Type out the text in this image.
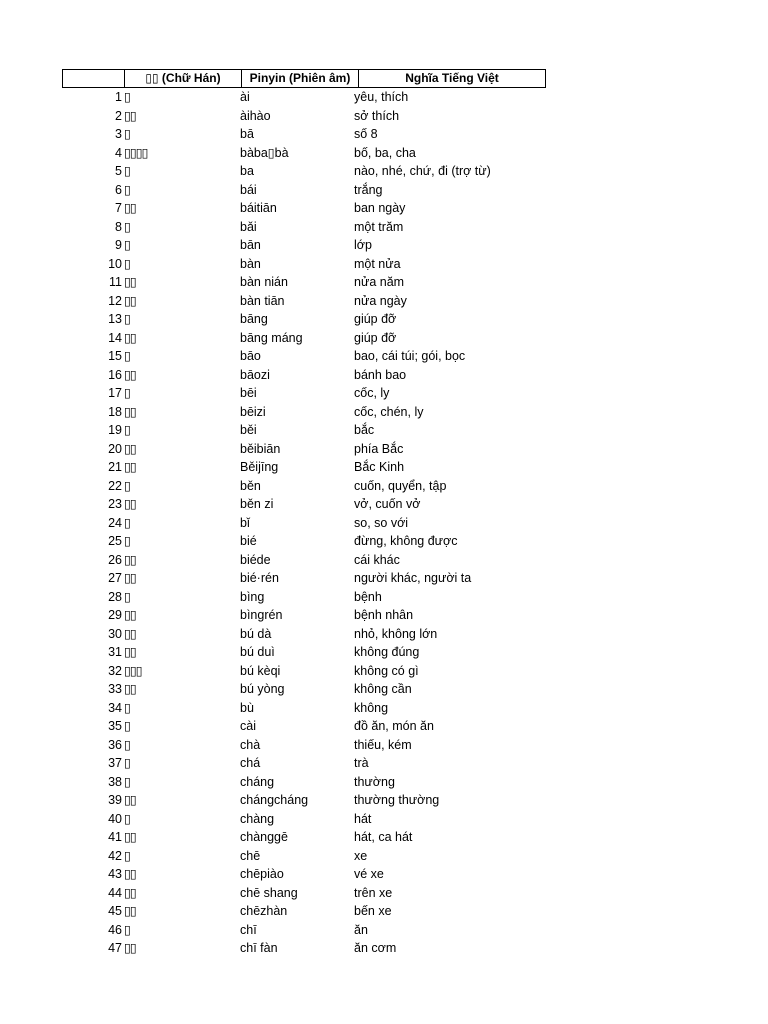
▯▯ (Chữ Hán)	Pinyin (Phiên âm)	Nghĩa Tiếng Việt
1 ▯	ài	yêu, thích
2 ▯▯	àihào	sở thích
3 ▯	bā	số 8
4 ▯▯▯▯	bàba▯bà	bố, ba, cha
5 ▯	ba	nào, nhé, chứ, đi (trợ từ)
6 ▯	bái	trắng
7 ▯▯	báitiān	ban ngày
8 ▯	bǎi	một trăm
9 ▯	bān	lớp
10 ▯	bàn	một nửa
11 ▯▯	bàn nián	nửa năm
12 ▯▯	bàn tiān	nửa ngày
13 ▯	bāng	giúp đỡ
14 ▯▯	bāng máng	giúp đỡ
15 ▯	bāo	bao, cái túi; gói, bọc
16 ▯▯	bāozi	bánh bao
17 ▯	bēi	cốc, ly
18 ▯▯	bēizi	cốc, chén, ly
19 ▯	běi	bắc
20 ▯▯	běibiān	phía Bắc
21 ▯▯	Běijīng	Bắc Kinh
22 ▯	běn	cuốn, quyển, tập
23 ▯▯	běn zi	vở, cuốn vở
24 ▯	bǐ	so, so với
25 ▯	bié	đừng, không được
26 ▯▯	biéde	cái khác
27 ▯▯	bié·rén	người khác, người ta
28 ▯	bìng	bệnh
29 ▯▯	bìngrén	bệnh nhân
30 ▯▯	bú dà	nhỏ, không lớn
31 ▯▯	bú duì	không đúng
32 ▯▯▯	bú kèqi	không có gì
33 ▯▯	bú yòng	không cần
34 ▯	bù	không
35 ▯	cài	đồ ăn, món ăn
36 ▯	chà	thiếu, kém
37 ▯	chá	trà
38 ▯	cháng	thường
39 ▯▯	chángcháng	thường thường
40 ▯	chàng	hát
41 ▯▯	chànggē	hát, ca hát
42 ▯	chē	xe
43 ▯▯	chēpiào	vé xe
44 ▯▯	chē shang	trên xe
45 ▯▯	chēzhàn	bến xe
46 ▯	chī	ăn
47 ▯▯	chī fàn	ăn cơm
